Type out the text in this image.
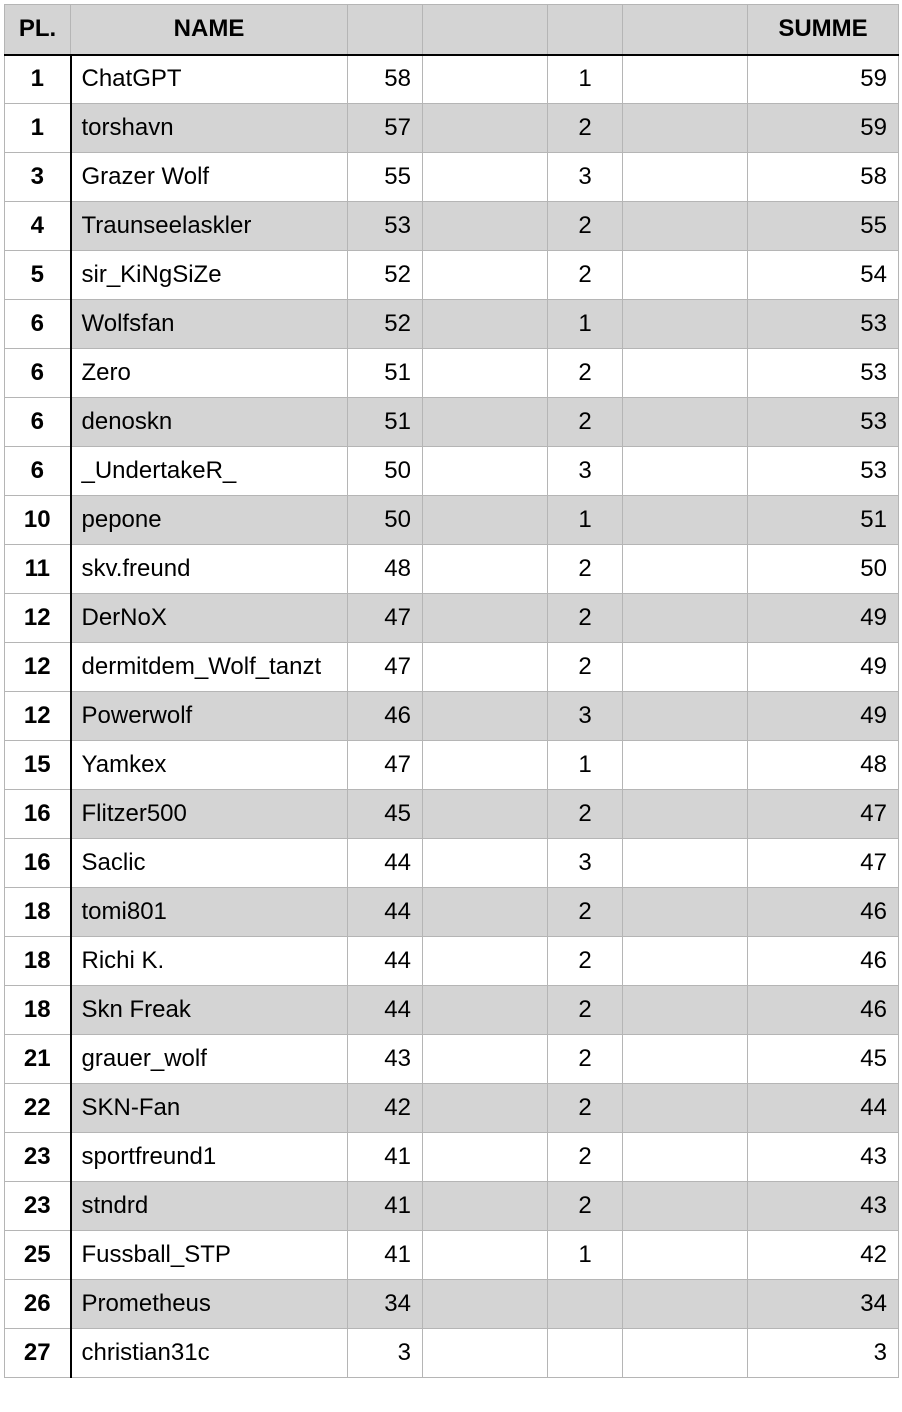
PL.	NAME					SUMME
1	ChatGPT	58		1		59
1	torshavn	57		2		59
3	Grazer Wolf	55		3		58
4	Traunseelaskler	53		2		55
5	sir_KiNgSiZe	52		2		54
6	Wolfsfan	52		1		53
6	Zero	51		2		53
6	denoskn	51		2		53
6	_UndertakeR_	50		3		53
10	pepone	50		1		51
11	skv.freund	48		2		50
12	DerNoX	47		2		49
12	dermitdem_Wolf_tanzt	47		2		49
12	Powerwolf	46		3		49
15	Yamkex	47		1		48
16	Flitzer500	45		2		47
16	Saclic	44		3		47
18	tomi801	44		2		46
18	Richi K.	44		2		46
18	Skn Freak	44		2		46
21	grauer_wolf	43		2		45
22	SKN-Fan	42		2		44
23	sportfreund1	41		2		43
23	stndrd	41		2		43
25	Fussball_STP	41		1		42
26	Prometheus	34				34
27	christian31c	3				3
